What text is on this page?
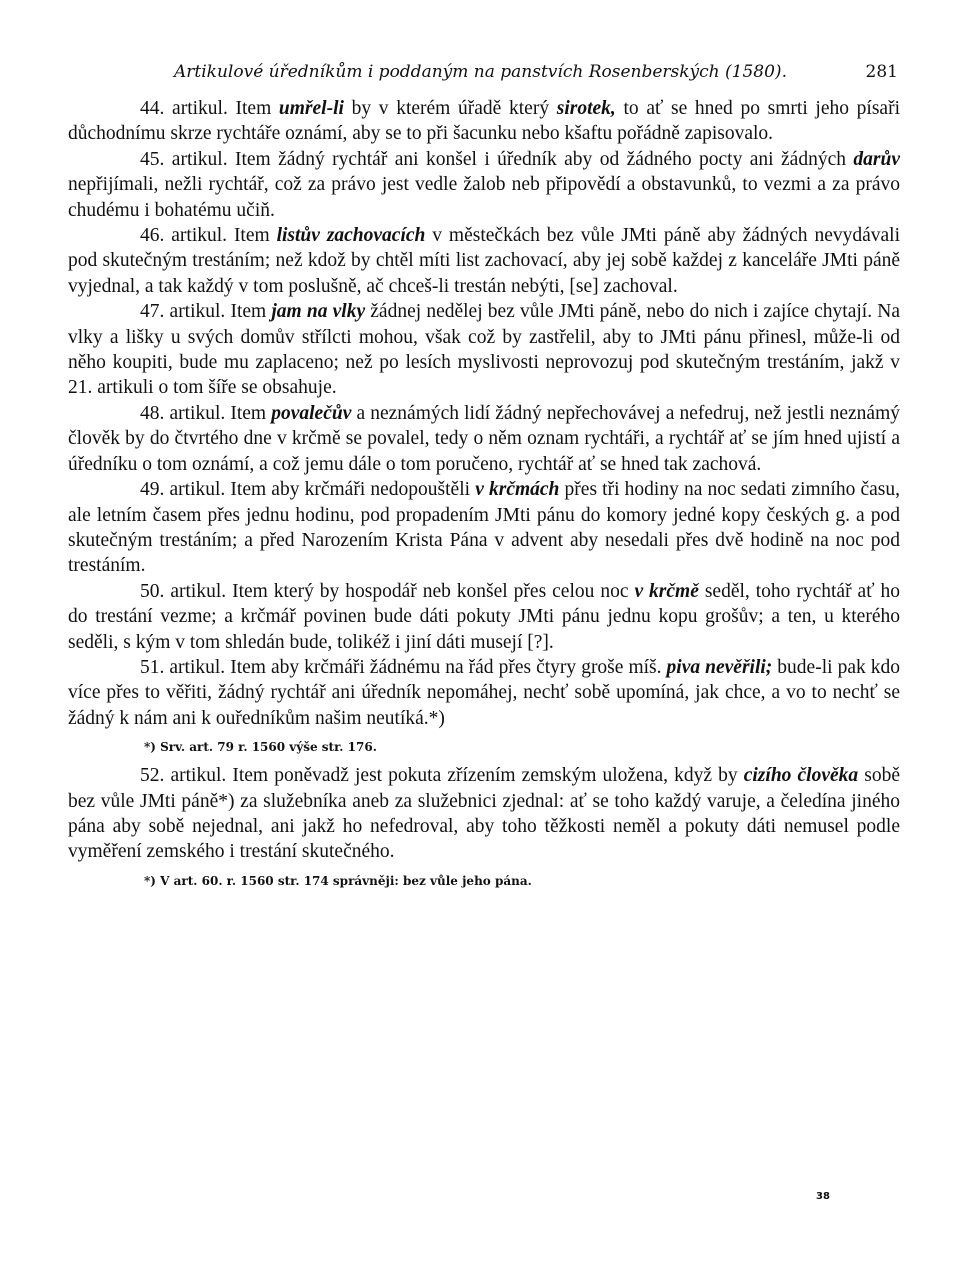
Artikulové úředníkům i poddaným na panstvích Rosenberských (1580).	281

44. artikul. Item umřel-li by v kterém úřadě který sirotek, to ať se hned po smrti jeho písaři důchodnímu skrze rychtáře oznámí, aby se to při šacunku nebo kšaftu pořádně zapisovalo.

45. artikul. Item žádný rychtář ani konšel i úředník aby od žádného pocty ani žádných darův nepřijímali, nežli rychtář, což za právo jest vedle žalob neb připovědí a obstavunků, to vezmi a za právo chudému i bohatému učiň.

46. artikul. Item listův zachovacích v městečkách bez vůle JMti páně aby žádných nevydávali pod skutečným trestáním; než kdož by chtěl míti list zachovací, aby jej sobě každej z kanceláře JMti páně vyjednal, a tak každý v tom poslušně, ač chceš-li trestán nebýti, [se] zachoval.

47. artikul. Item jam na vlky žádnej nedělej bez vůle JMti páně, nebo do nich i zajíce chytají. Na vlky a lišky u svých domův střílcti mohou, však což by zastřelil, aby to JMti pánu přinesl, může-li od něho koupiti, bude mu zaplaceno; než po lesích myslivosti neprovozuj pod skutečným trestáním, jakž v 21. artikuli o tom šíře se obsahuje.

48. artikul. Item povalečův a neznámých lidí žádný nepřechovávej a nefedruj, než jestli neznámý člověk by do čtvrtého dne v krčmě se povalel, tedy o něm oznam rychtáři, a rychtář ať se jím hned ujistí a úředníku o tom oznámí, a což jemu dále o tom poručeno, rychtář ať se hned tak zachová.

49. artikul. Item aby krčmáři nedopouštěli v krčmách přes tři hodiny na noc sedati zimního času, ale letním časem přes jednu hodinu, pod propadením JMti pánu do komory jedné kopy českých g. a pod skutečným trestáním; a před Narozením Krista Pána v advent aby nesedali přes dvě hodině na noc pod trestáním.

50. artikul. Item který by hospodář neb konšel přes celou noc v krčmě seděl, toho rychtář ať ho do trestání vezme; a krčmář povinen bude dáti pokuty JMti pánu jednu kopu grošův; a ten, u kterého seděli, s kým v tom shledán bude, tolikéž i jiní dáti musejí [?].

51. artikul. Item aby krčmáři žádnému na řád přes čtyry groše míš. piva nevěřili; bude-li pak kdo více přes to věřiti, žádný rychtář ani úředník nepomáhej, nechť sobě upomíná, jak chce, a vo to nechť se žádný k nám ani k ouředníkům našim neutíká.*)

*) Srv. art. 79 r. 1560 výše str. 176.

52. artikul. Item poněvadž jest pokuta zřízením zemským uložena, když by cizího člověka sobě bez vůle JMti páně*) za služebníka aneb za služebnici zjednal: ať se toho každý varuje, a čeledína jiného pána aby sobě nejednal, ani jakž ho nefedroval, aby toho těžkosti neměl a pokuty dáti nemusel podle vyměření zemského i trestání skutečného.

*) V art. 60. r. 1560 str. 174 správněji: bez vůle jeho pána.

38
